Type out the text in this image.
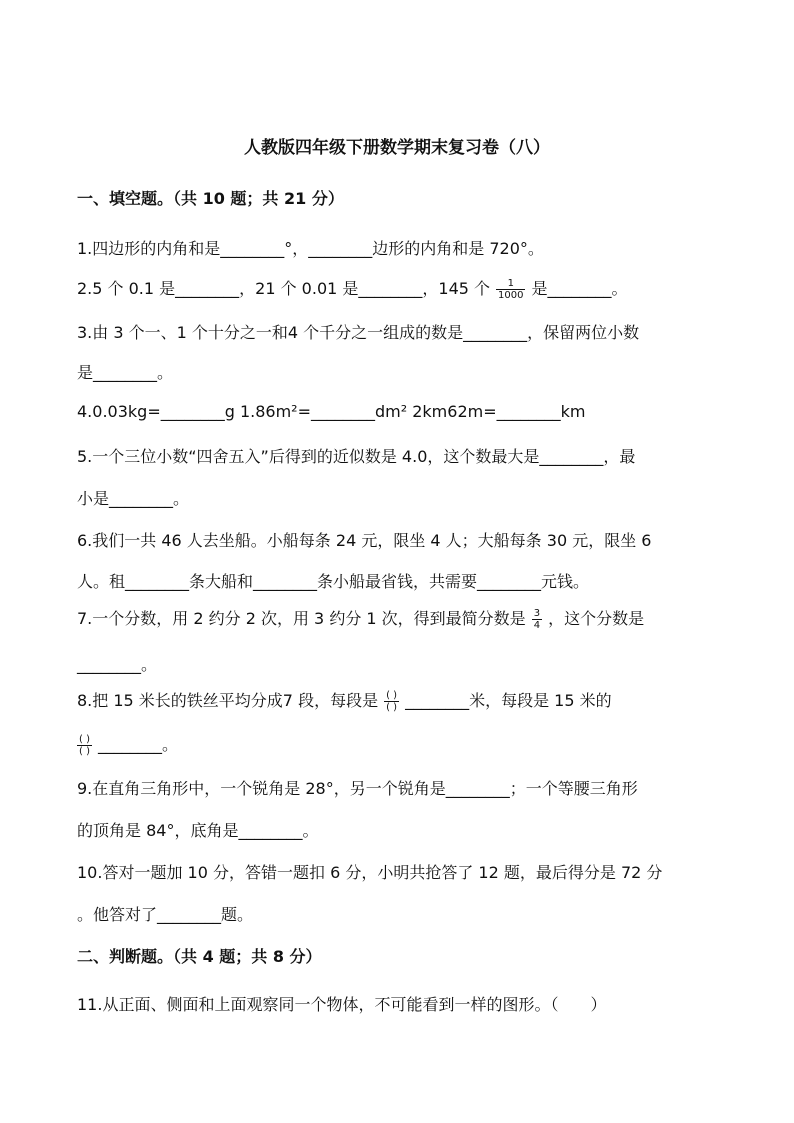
人教版四年级下册数学期末复习卷（八）
一、填空题。（共 10 题；共 21 分）
1.四边形的内角和是________°，________边形的内角和是 720°。
2.5 个 0.1 是________，21 个 0.01 是________，145 个 $\frac{1}{1000}$ 是________。
3.由 3 个一、1 个十分之一和4 个千分之一组成的数是________，保留两位小数
是________。
4.0.03kg=________g 1.86m²=________dm² 2km62m=________km
5.一个三位小数“四舍五入”后得到的近似数是 4.0，这个数最大是________，最
小是________。
6.我们一共 46 人去坐船。小船每条 24 元，限坐 4 人；大船每条 30 元，限坐 6
人。租________条大船和________条小船最省钱，共需要________元钱。
7.一个分数，用 2 约分 2 次，用 3 约分 1 次，得到最简分数是 $\frac{3}{4}$ ，这个分数是
________。
8.把 15 米长的铁丝平均分成7 段，每段是 $\frac{( )}{( )}$ ________米，每段是 15 米的
$\frac{( )}{( )}$ ________。
9.在直角三角形中，一个锐角是 28°，另一个锐角是________；一个等腰三角形
的顶角是 84°，底角是________。
10.答对一题加 10 分，答错一题扣 6 分，小明共抢答了 12 题，最后得分是 72 分
。他答对了________题。
二、判断题。（共 4 题；共 8 分）
11.从正面、侧面和上面观察同一个物体，不可能看到一样的图形。（　　）
